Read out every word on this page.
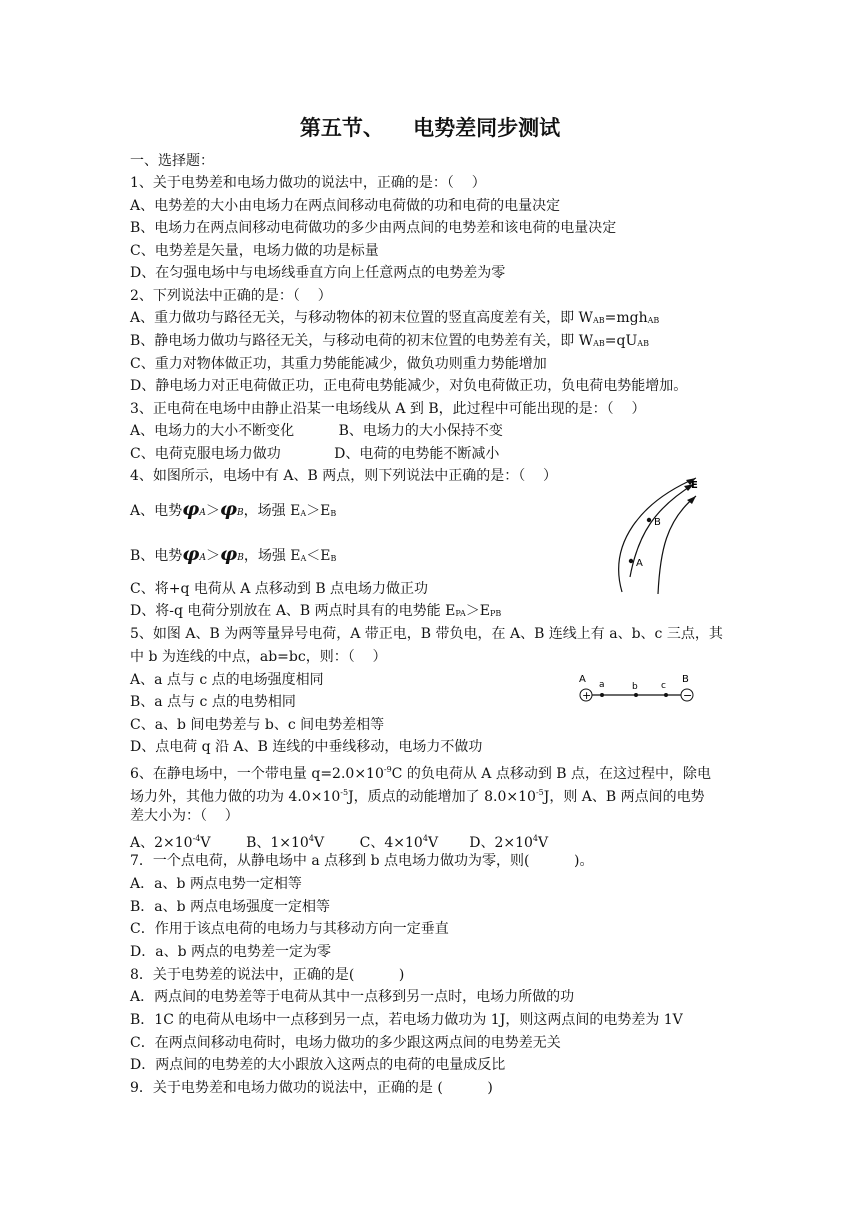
第五节、    电势差同步测试
一、选择题：
1、关于电势差和电场力做功的说法中，正确的是：（    ）
A、电势差的大小由电场力在两点间移动电荷做的功和电荷的电量决定
B、电场力在两点间移动电荷做功的多少由两点间的电势差和该电荷的电量决定
C、电势差是矢量，电场力做的功是标量
D、在匀强电场中与电场线垂直方向上任意两点的电势差为零
2、下列说法中正确的是：（    ）
A、重力做功与路径无关，与移动物体的初末位置的竖直高度差有关，即 WAB=mghAB
B、静电场力做功与路径无关，与移动电荷的初末位置的电势差有关，即 WAB=qUAB
C、重力对物体做正功，其重力势能能减少，做负功则重力势能增加
D、静电场力对正电荷做正功，正电荷电势能减少，对负电荷做正功，负电荷电势能增加。
3、正电荷在电场中由静止沿某一电场线从 A 到 B，此过程中可能出现的是：（    ）
A、电场力的大小不断变化          B、电场力的大小保持不变
C、电荷克服电场力做功            D、电荷的电势能不断减小
4、如图所示，电场中有 A、B 两点，则下列说法中正确的是：（    ）
A、电势φA＞φB，场强 EA＞EB
B、电势φA＞φB，场强 EA＜EB
C、将+q 电荷从 A 点移动到 B 点电场力做正功
D、将-q 电荷分别放在 A、B 两点时具有的电势能 EPA＞EPB
A
B
E
5、如图 A、B 为两等量异号电荷，A 带正电，B 带负电，在 A、B 连线上有 a、b、c 三点，其
中 b 为连线的中点，ab=bc，则：（    ）
A、a 点与 c 点的电场强度相同
B、a 点与 c 点的电势相同
C、a、b 间电势差与 b、c 间电势差相等
D、点电荷 q 沿 A、B 连线的中垂线移动，电场力不做功
+	−
A a	b	c
B
6、在静电场中，一个带电量 $q=2.0\times 10^{-9}C$ 的负电荷从 A 点移动到 B 点，在这过程中，除电
场力外，其他力做的功为 $4.0\times 10^{-5}J$，质点的动能增加了 $8.0\times 10^{-5}J$，则 A、B 两点间的电势
差大小为：（    ）
A、$2\times 10^{-4}V$	B、$1\times 10^4V$	C、$4\times 10^4V$ D、$2\times 10^4V$
7．一个点电荷，从静电场中 a 点移到 b 点电场力做功为零，则(          )。
A．a、b 两点电势一定相等
B．a、b 两点电场强度一定相等
C．作用于该点电荷的电场力与其移动方向一定垂直
D．a、b 两点的电势差一定为零
8．关于电势差的说法中，正确的是(          )
A．两点间的电势差等于电荷从其中一点移到另一点时，电场力所做的功
B．1C 的电荷从电场中一点移到另一点，若电场力做功为 1J，则这两点间的电势差为 1V
C．在两点间移动电荷时，电场力做功的多少跟这两点间的电势差无关
D．两点间的电势差的大小跟放入这两点的电荷的电量成反比
9．关于电势差和电场力做功的说法中，正确的是 (          )
